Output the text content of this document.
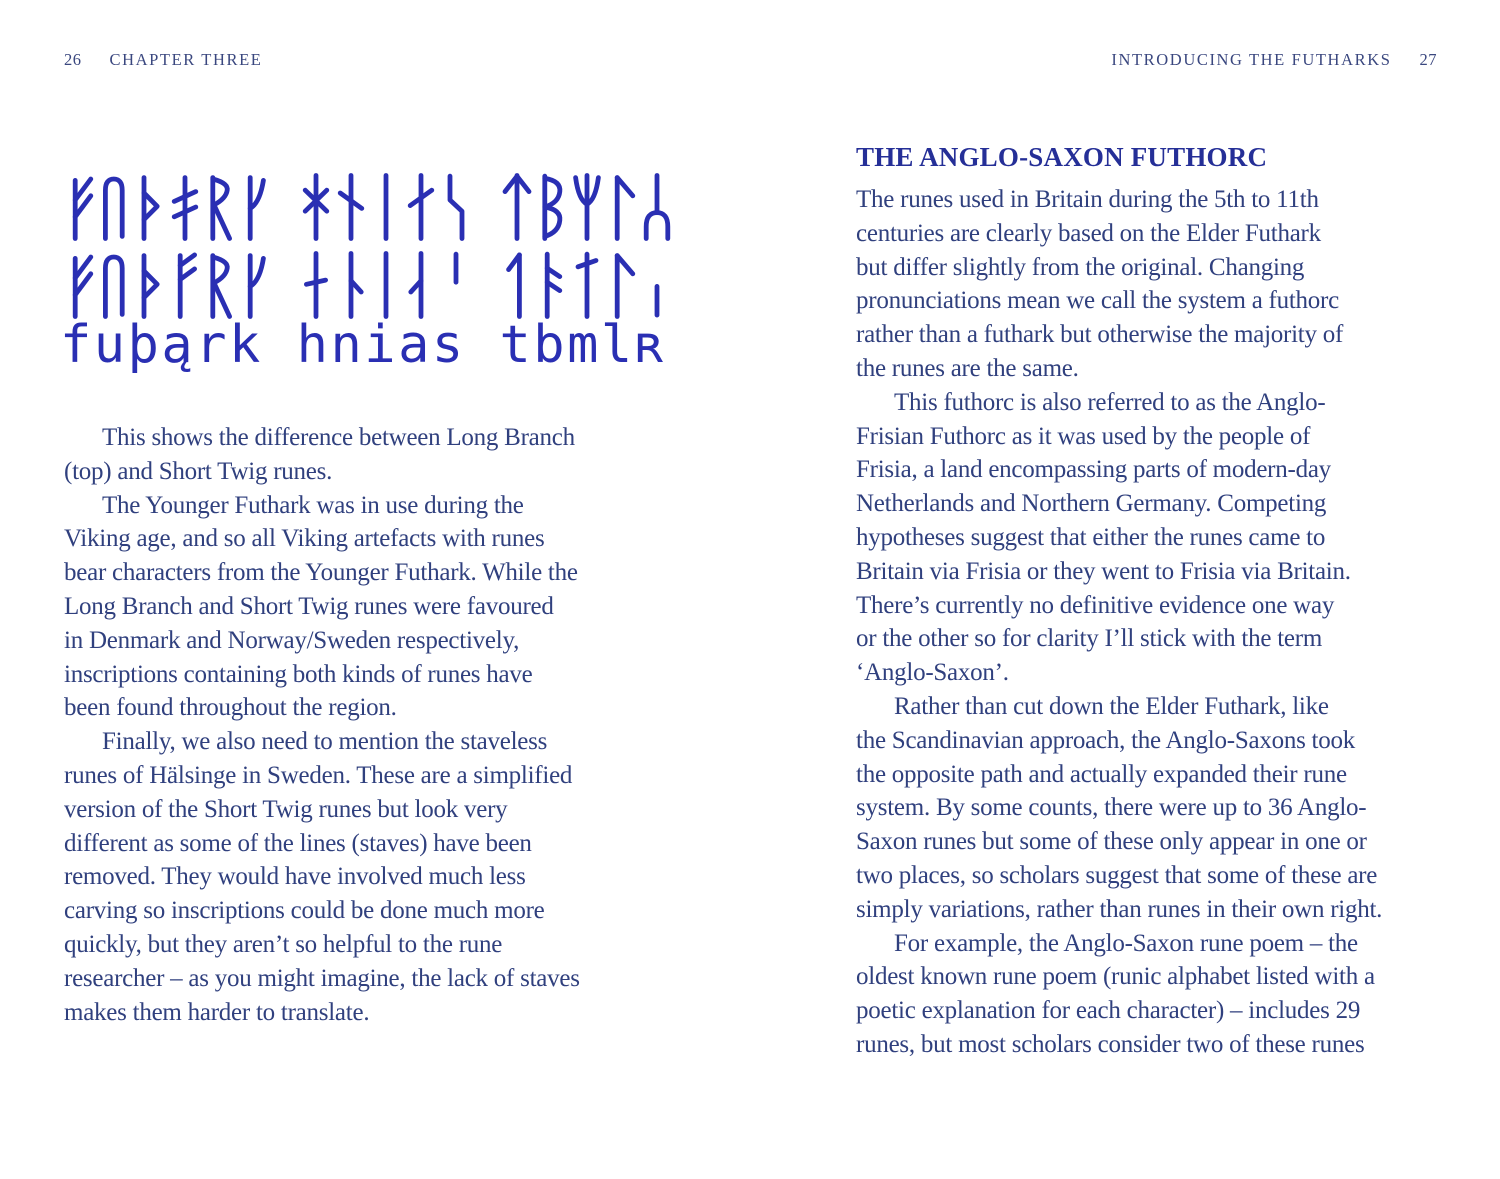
26 CHAPTER THREE	INTRODUCING THE FUTHARKS 27
fuþąrk hnias tbmlʀ
This shows the difference between Long Branch
(top) and Short Twig runes.
The Younger Futhark was in use during the
Viking age, and so all Viking artefacts with runes
bear characters from the Younger Futhark. While the
Long Branch and Short Twig runes were favoured
in Denmark and Norway/Sweden respectively,
inscriptions containing both kinds of runes have
been found throughout the region.
Finally, we also need to mention the staveless
runes of Hälsinge in Sweden. These are a simplified
version of the Short Twig runes but look very
different as some of the lines (staves) have been
removed. They would have involved much less
carving so inscriptions could be done much more
quickly, but they aren’t so helpful to the rune
researcher – as you might imagine, the lack of staves
makes them harder to translate.
THE ANGLO-SAXON FUTHORC
The runes used in Britain during the 5th to 11th
centuries are clearly based on the Elder Futhark
but differ slightly from the original. Changing
pronunciations mean we call the system a futhorc
rather than a futhark but otherwise the majority of
the runes are the same.
This futhorc is also referred to as the Anglo-
Frisian Futhorc as it was used by the people of
Frisia, a land encompassing parts of modern-day
Netherlands and Northern Germany. Competing
hypotheses suggest that either the runes came to
Britain via Frisia or they went to Frisia via Britain.
There’s currently no definitive evidence one way
or the other so for clarity I’ll stick with the term
‘Anglo-Saxon’.
Rather than cut down the Elder Futhark, like
the Scandinavian approach, the Anglo-Saxons took
the opposite path and actually expanded their rune
system. By some counts, there were up to 36 Anglo-
Saxon runes but some of these only appear in one or
two places, so scholars suggest that some of these are
simply variations, rather than runes in their own right.
For example, the Anglo-Saxon rune poem – the
oldest known rune poem (runic alphabet listed with a
poetic explanation for each character) – includes 29
runes, but most scholars consider two of these runes
